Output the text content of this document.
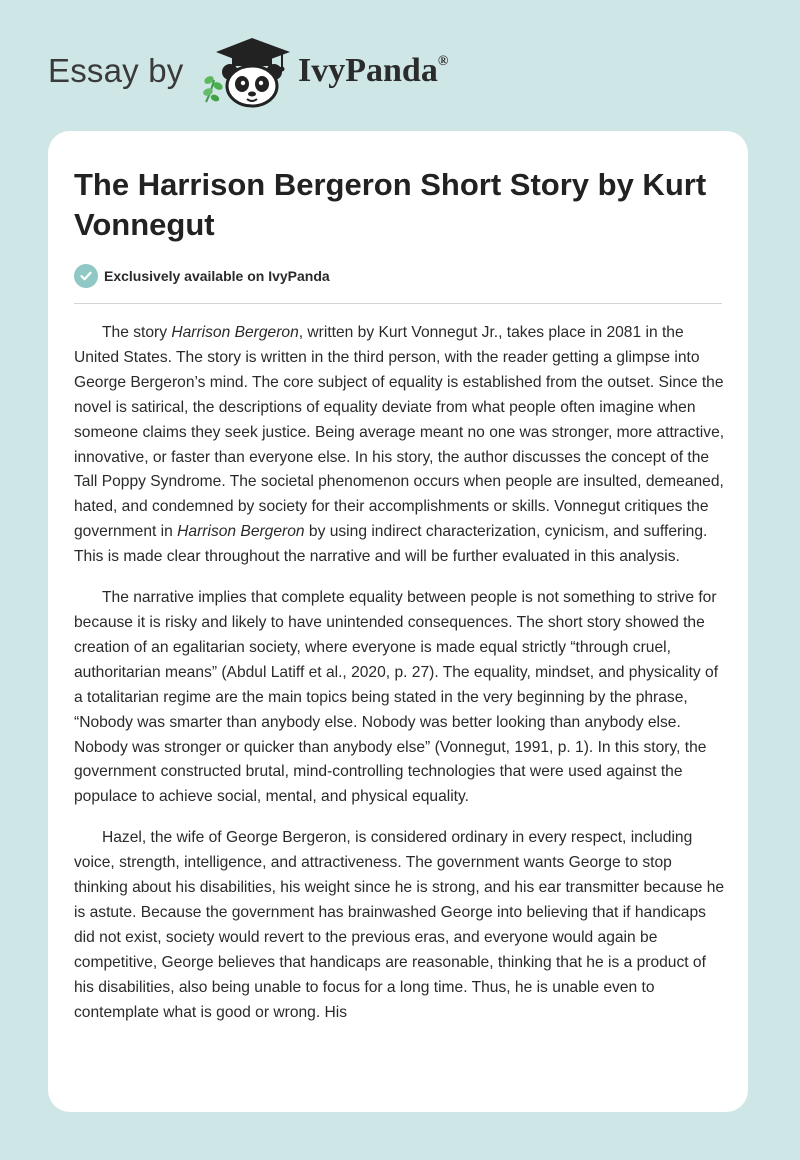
Essay by	IvyPanda®
The Harrison Bergeron Short Story by Kurt Vonnegut
Exclusively available on IvyPanda

The story Harrison Bergeron, written by Kurt Vonnegut Jr., takes place in 2081 in the United States. The story is written in the third person, with the reader getting a glimpse into George Bergeron’s mind. The core subject of equality is established from the outset. Since the novel is satirical, the descriptions of equality deviate from what people often imagine when someone claims they seek justice. Being average meant no one was stronger, more attractive, innovative, or faster than everyone else. In his story, the author discusses the concept of the Tall Poppy Syndrome. The societal phenomenon occurs when people are insulted, demeaned, hated, and condemned by society for their accomplishments or skills. Vonnegut critiques the government in Harrison Bergeron by using indirect characterization, cynicism, and suffering. This is made clear throughout the narrative and will be further evaluated in this analysis.

The narrative implies that complete equality between people is not something to strive for because it is risky and likely to have unintended consequences. The short story showed the creation of an egalitarian society, where everyone is made equal strictly “through cruel, authoritarian means” (Abdul Latiff et al., 2020, p. 27). The equality, mindset, and physicality of a totalitarian regime are the main topics being stated in the very beginning by the phrase, “Nobody was smarter than anybody else. Nobody was better looking than anybody else. Nobody was stronger or quicker than anybody else” (Vonnegut, 1991, p. 1). In this story, the government constructed brutal, mind-controlling technologies that were used against the populace to achieve social, mental, and physical equality.

Hazel, the wife of George Bergeron, is considered ordinary in every respect, including voice, strength, intelligence, and attractiveness. The government wants George to stop thinking about his disabilities, his weight since he is strong, and his ear transmitter because he is astute. Because the government has brainwashed George into believing that if handicaps did not exist, society would revert to the previous eras, and everyone would again be competitive, George believes that handicaps are reasonable, thinking that he is a product of his disabilities, also being unable to focus for a long time. Thus, he is unable even to contemplate what is good or wrong. His
